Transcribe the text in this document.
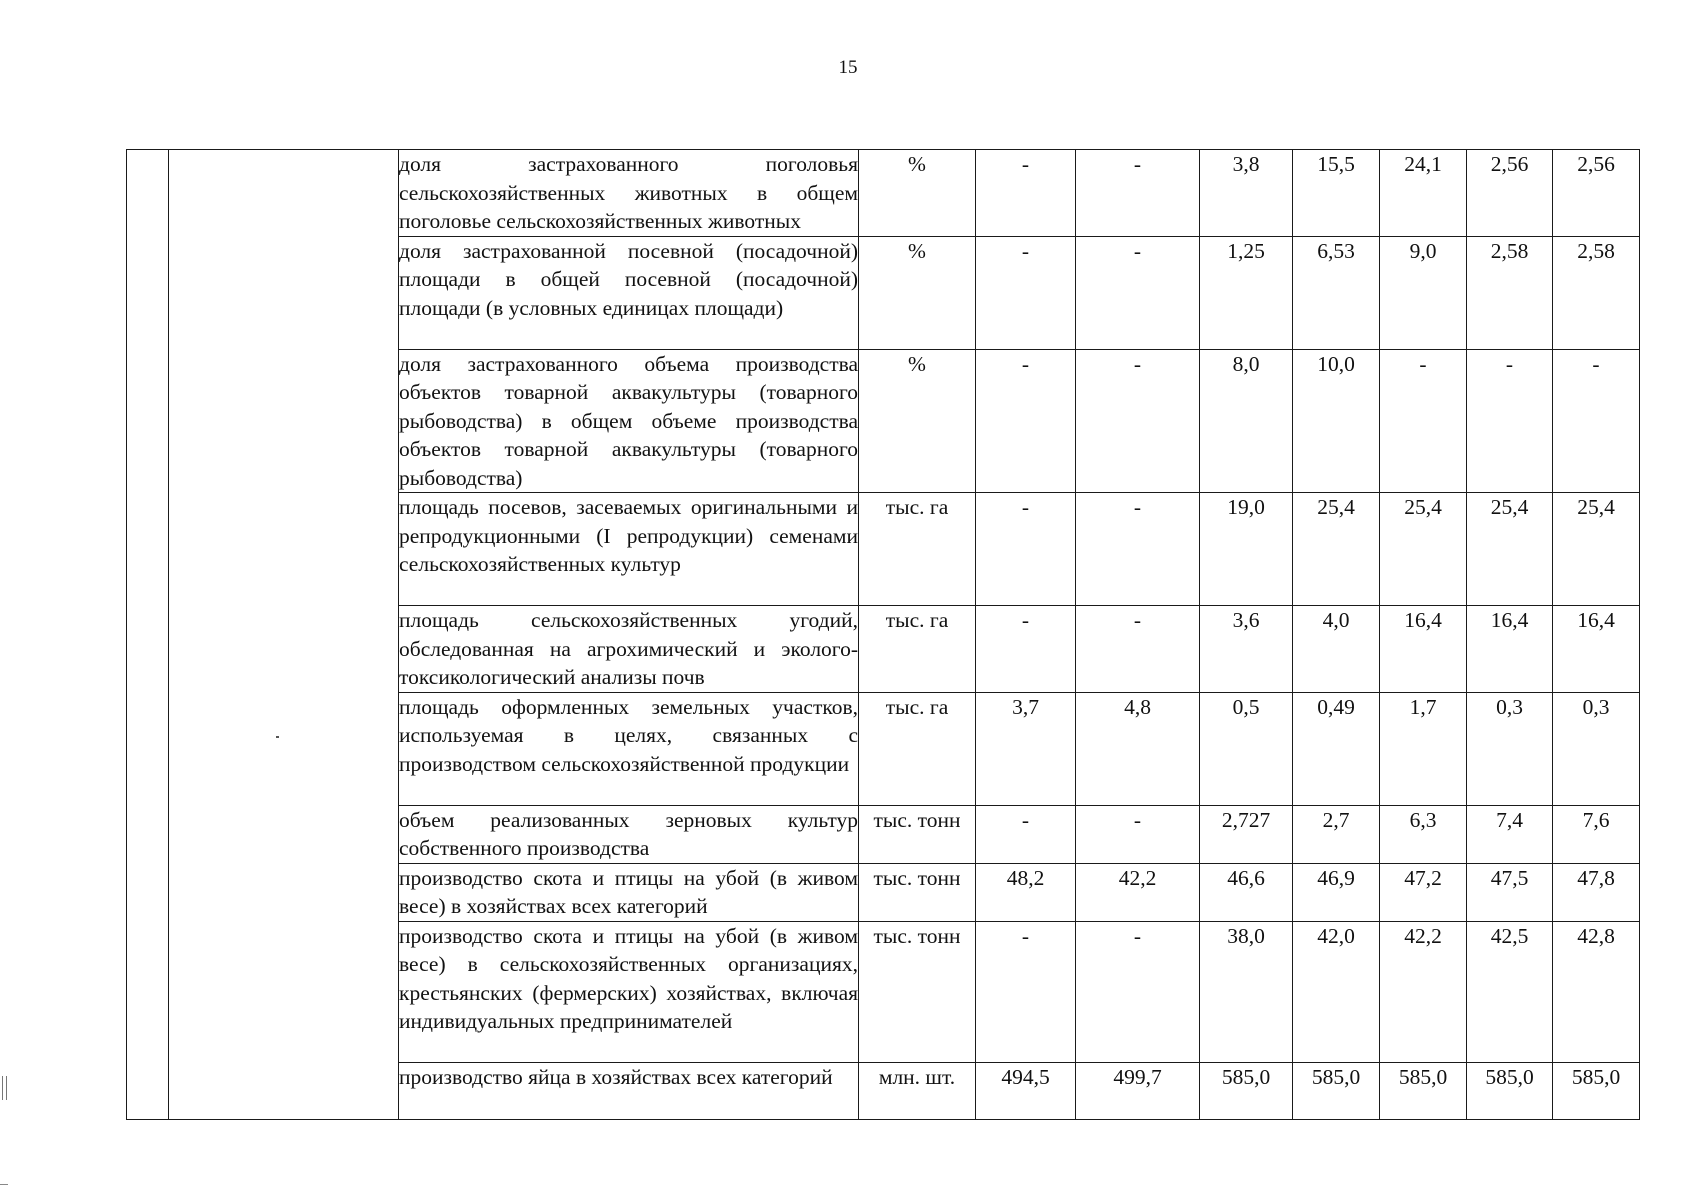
15
		доля застрахованного поголовья сельскохозяйственных животных в общем поголовье сельскохозяйственных животных	%	-	-	3,8	15,5	24,1	2,56	2,56
		доля застрахованной посевной (посадочной) площади в общей посевной (посадочной) площади (в условных единицах площади)	%	-	-	1,25	6,53	9,0	2,58	2,58
		доля застрахованного объема производства объектов товарной аквакультуры (товарного рыбоводства) в общем объеме производства объектов товарной аквакультуры (товарного рыбоводства)	%	-	-	8,0	10,0	-	-	-
		площадь посевов, засеваемых оригинальными и репродукционными (I репродукции) семенами сельскохозяйственных культур	тыс. га	-	-	19,0	25,4	25,4	25,4	25,4
		площадь сельскохозяйственных угодий, обследованная на агрохимический и эколого-токсикологический анализы почв	тыс. га	-	-	3,6	4,0	16,4	16,4	16,4
		площадь оформленных земельных участков, используемая в целях, связанных с производством сельскохозяйственной продукции	тыс. га	3,7	4,8	0,5	0,49	1,7	0,3	0,3
		объем реализованных зерновых культур собственного производства	тыс. тонн	-	-	2,727	2,7	6,3	7,4	7,6
		производство скота и птицы на убой (в живом весе) в хозяйствах всех категорий	тыс. тонн	48,2	42,2	46,6	46,9	47,2	47,5	47,8
		производство скота и птицы на убой (в живом весе) в сельскохозяйственных организациях, крестьянских (фермерских) хозяйствах, включая индивидуальных предпринимателей	тыс. тонн	-	-	38,0	42,0	42,2	42,5	42,8
		производство яйца в хозяйствах всех категорий	млн. шт.	494,5	499,7	585,0	585,0	585,0	585,0	585,0
